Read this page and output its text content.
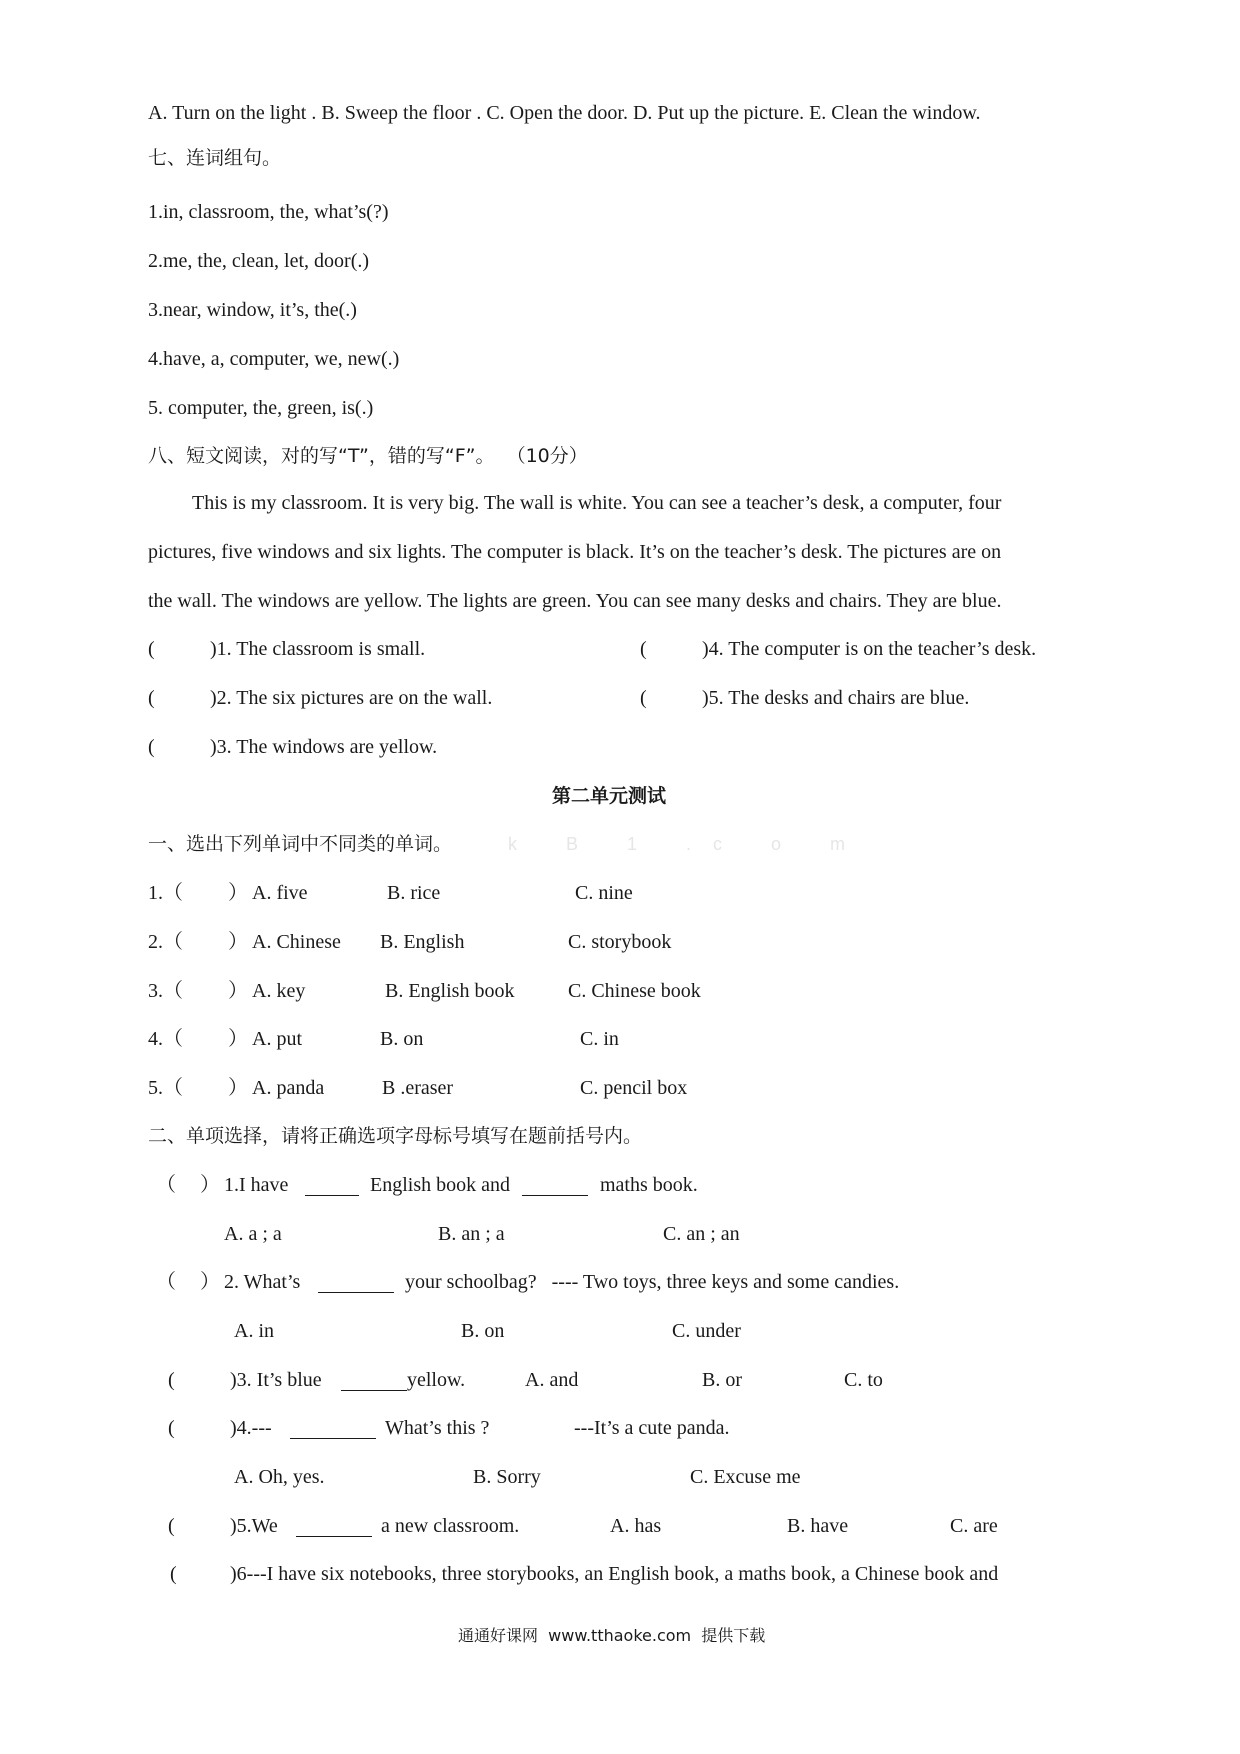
A. Turn on the light . B. Sweep the floor . C. Open the door. D. Put up the picture. E. Clean the window.
七、连词组句。
1.in, classroom, the, what’s(?)
2.me, the, clean, let, door(.)
3.near, window, it’s, the(.)
4.have, a, computer, we, new(.)
5. computer, the, green, is(.)
八、短文阅读，对的写“T”，错的写“F”。  （10分）
This is my classroom. It is very big. The wall is white. You can see a teacher’s desk, a computer, four
pictures, five windows and six lights. The computer is black. It’s on the teacher’s desk. The pictures are on
the wall. The windows are yellow. The lights are green. You can see many desks and chairs. They are blue.
(	)1. The classroom is small.
(	)2. The six pictures are on the wall.
(	)3. The windows are yellow.
(	)4. The computer is on the teacher’s desk.
(	)5. The desks and chairs are blue.
第二单元测试
一、选出下列单词中不同类的单词。	k B 1 .c o m
1.（ ） A. five	B. rice	C. nine
2.（ ） A. Chinese B. English	C. storybook
3.（ ） A. key	B. English book	C. Chinese book
4.（ ） A. put	B. on	C. in
5.（ ） A. panda	B .eraser	C. pencil box
二、单项选择，请将正确选项字母标号填写在题前括号内。
（ ） 1.I have	English book and	maths book.
A. a ; a	B. an ; a	C. an ; an
（ ） 2. What’s	your schoolbag?   ---- Two toys, three keys and some candies.
A. in	B. on	C. under
(	)3. It’s blue	yellow.	A. and	B. or	C. to
(	)4.---	What’s this ?	---It’s a cute panda.
A. Oh, yes.	B. Sorry	C. Excuse me
(	)5.We	a new classroom.	A. has	B. have	C. are
(	)6---I have six notebooks, three storybooks, an English book, a maths book, a Chinese book and
通通好课网  www.tthaoke.com  提供下载
